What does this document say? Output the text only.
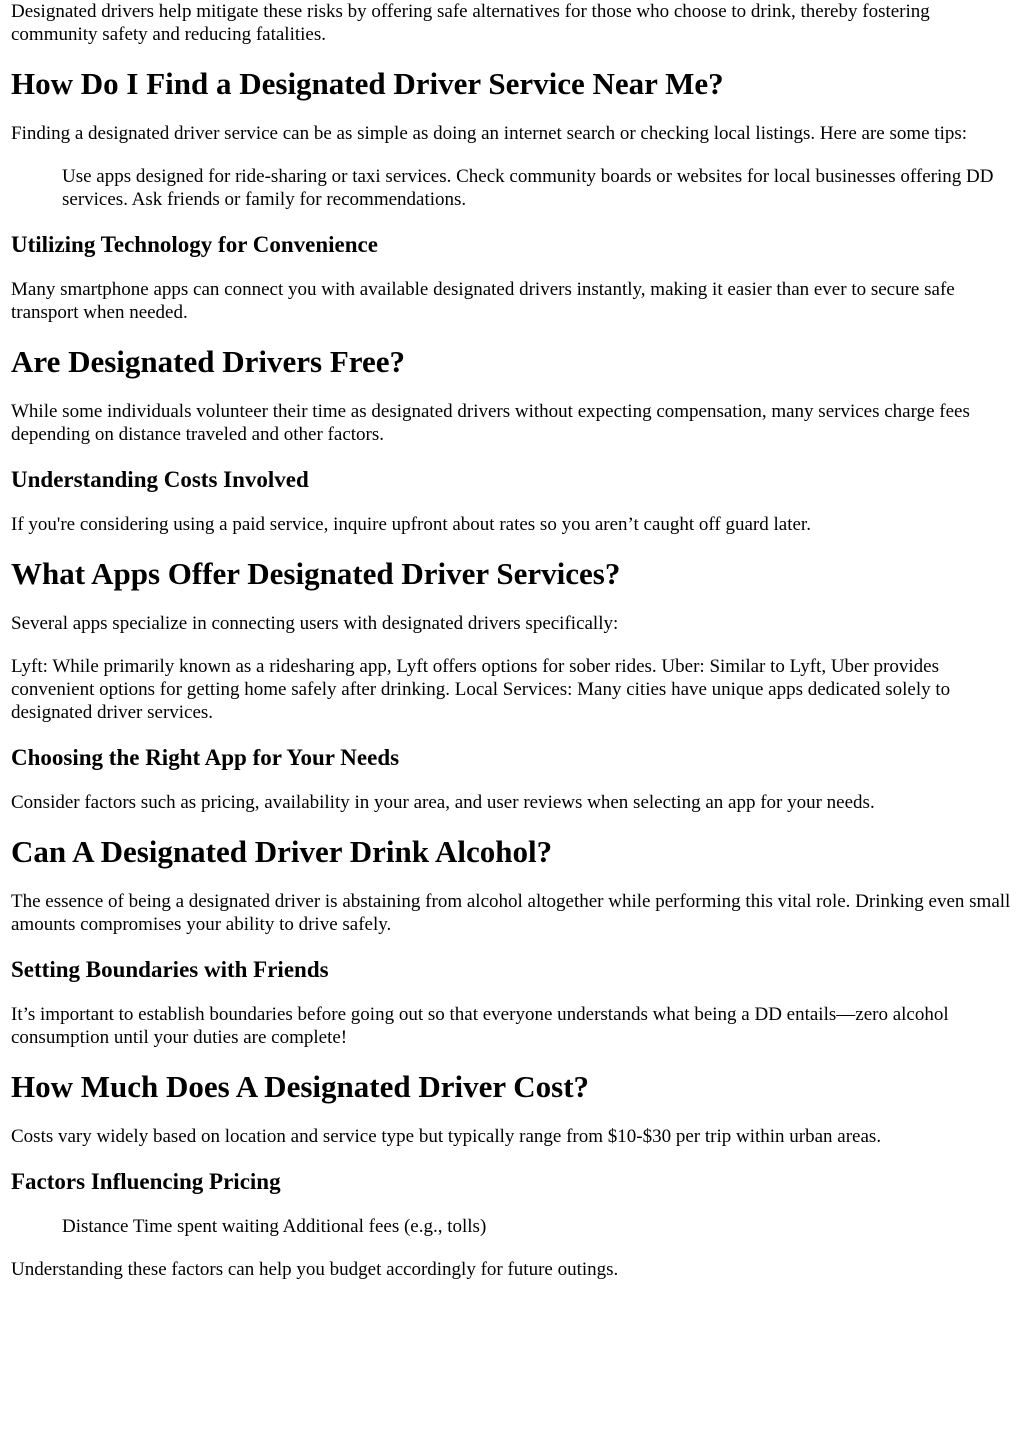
Designated drivers help mitigate these risks by offering safe alternatives for those who choose to drink, thereby fostering community safety and reducing fatalities.

How Do I Find a Designated Driver Service Near Me?

Finding a designated driver service can be as simple as doing an internet search or checking local listings. Here are some tips:

Use apps designed for ride-sharing or taxi services. Check community boards or websites for local businesses offering DD services. Ask friends or family for recommendations.
Utilizing Technology for Convenience

Many smartphone apps can connect you with available designated drivers instantly, making it easier than ever to secure safe transport when needed.

Are Designated Drivers Free?

While some individuals volunteer their time as designated drivers without expecting compensation, many services charge fees depending on distance traveled and other factors.

Understanding Costs Involved

If you're considering using a paid service, inquire upfront about rates so you aren’t caught off guard later.

What Apps Offer Designated Driver Services?

Several apps specialize in connecting users with designated drivers specifically:

Lyft: While primarily known as a ridesharing app, Lyft offers options for sober rides. Uber: Similar to Lyft, Uber provides convenient options for getting home safely after drinking. Local Services: Many cities have unique apps dedicated solely to designated driver services.

Choosing the Right App for Your Needs

Consider factors such as pricing, availability in your area, and user reviews when selecting an app for your needs.

Can A Designated Driver Drink Alcohol?

The essence of being a designated driver is abstaining from alcohol altogether while performing this vital role. Drinking even small amounts compromises your ability to drive safely.

Setting Boundaries with Friends

It’s important to establish boundaries before going out so that everyone understands what being a DD entails—zero alcohol consumption until your duties are complete!

How Much Does A Designated Driver Cost?

Costs vary widely based on location and service type but typically range from $10-$30 per trip within urban areas.

Factors Influencing Pricing
Distance Time spent waiting Additional fees (e.g., tolls)

Understanding these factors can help you budget accordingly for future outings.
